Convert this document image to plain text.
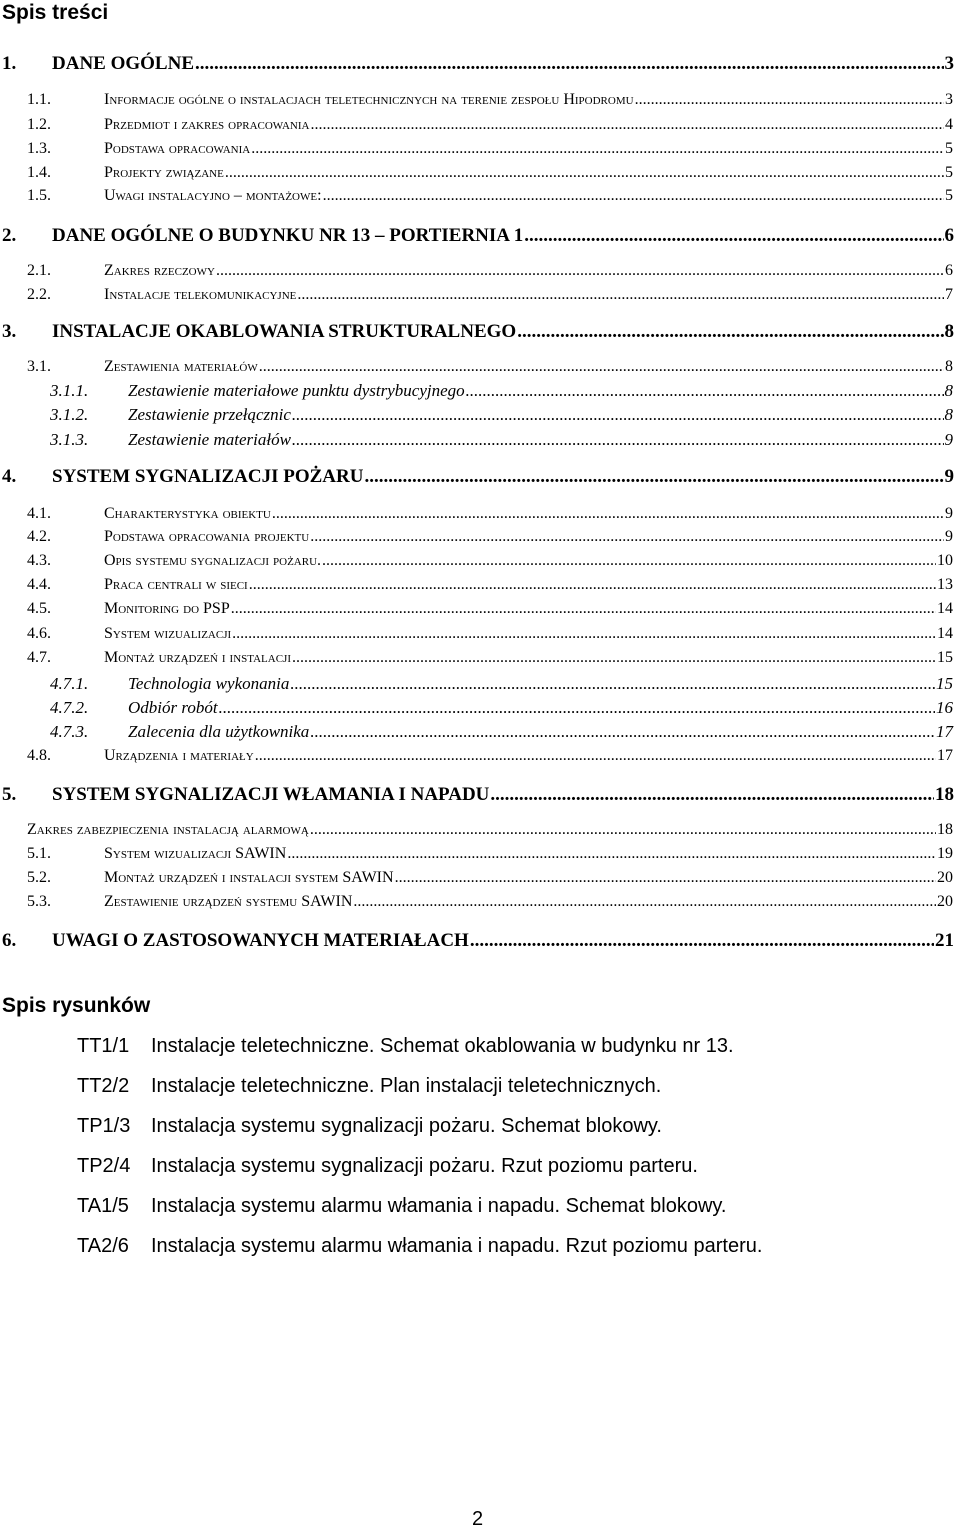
Spis treści
1.	DANE OGÓLNE .....	3
1.1.	Informacje ogólne o instalacjach teletechnicznych na terenie zespołu Hipodromu .....	3
1.2.	Przedmiot i zakres opracowania .....	4
1.3.	Podstawa opracowania .....	5
1.4.	Projekty związane .....	5
1.5.	Uwagi instalacyjno – montażowe: .....	5
2.	DANE OGÓLNE O BUDYNKU NR 13 – PORTIERNIA 1 .....	6
2.1.	Zakres rzeczowy .....	6
2.2.	Instalacje telekomunikacyjne .....	7
3.	INSTALACJE OKABLOWANIA STRUKTURALNEGO .....	8
3.1.	Zestawienia materiałów .....	8
3.1.1.	Zestawienie materiałowe punktu dystrybucyjnego .....	8
3.1.2.	Zestawienie przełącznic .....	8
3.1.3.	Zestawienie materiałów .....	9
4.	SYSTEM SYGNALIZACJI POŻARU .....	9
4.1.	Charakterystyka obiektu .....	9
4.2.	Podstawa opracowania projektu .....	9
4.3.	Opis systemu sygnalizacji pożaru. .....	10
4.4.	Praca centrali w sieci .....	13
4.5.	Monitoring do PSP .....	14
4.6.	System wizualizacji .....	14
4.7.	Montaż urządzeń i instalacji .....	15
4.7.1.	Technologia wykonania .....	15
4.7.2.	Odbiór robót .....	16
4.7.3.	Zalecenia dla użytkownika .....	17
4.8.	Urządzenia i materiały .....	17
5.	SYSTEM SYGNALIZACJI WŁAMANIA I NAPADU .....	18
Zakres zabezpieczenia instalacją alarmową .....	18
5.1.	System wizualizacji SAWIN .....	19
5.2.	Montaż urządzeń i instalacji system SAWIN .....	20
5.3.	Zestawienie urządzeń systemu SAWIN .....	20
6.	UWAGI O ZASTOSOWANYCH MATERIAŁACH .....	21
Spis rysunków
TT1/1 Instalacje teletechniczne. Schemat okablowania w budynku nr 13.
TT2/2 Instalacje teletechniczne. Plan instalacji teletechnicznych.
TP1/3 Instalacja systemu sygnalizacji pożaru. Schemat blokowy.
TP2/4 Instalacja systemu sygnalizacji pożaru. Rzut poziomu parteru.
TA1/5 Instalacja systemu alarmu włamania i napadu. Schemat blokowy.
TA2/6 Instalacja systemu alarmu włamania i napadu. Rzut poziomu parteru.
2
